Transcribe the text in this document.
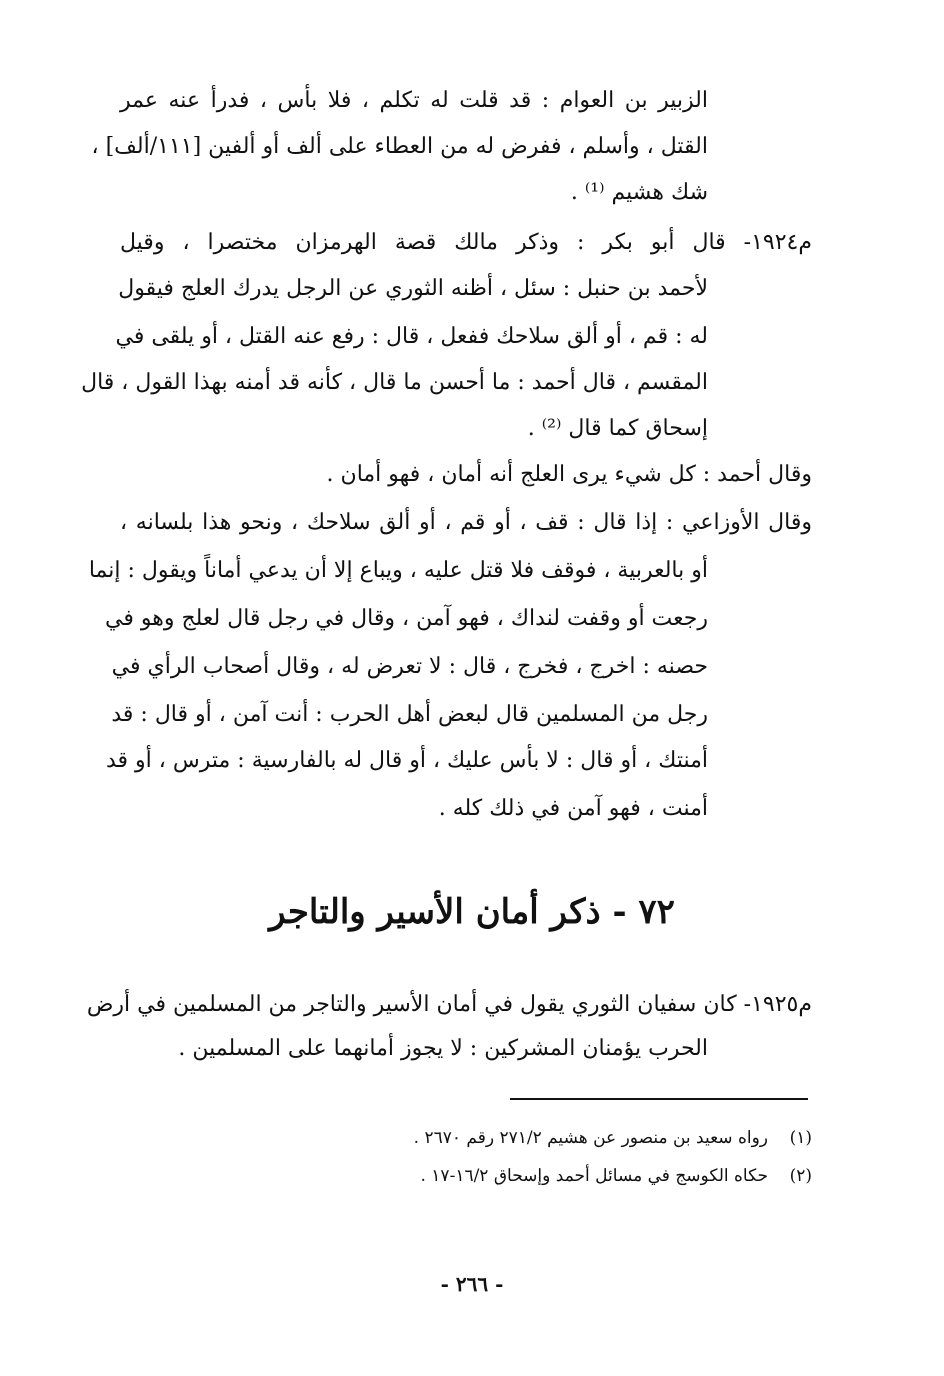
الزبير بن العوام : قد قلت له تكلم ، فلا بأس ، فدرأ عنه عمر
القتل ، وأسلم ، ففرض له من العطاء على ألف أو ألفين [١١١/ألف] ،
شك هشيم ⁽¹⁾ .
م١٩٢٤- قال أبو بكر : وذكر مالك قصة الهرمزان مختصرا ، وقيل
لأحمد بن حنبل : سئل ، أظنه الثوري عن الرجل يدرك العلج فيقول
له : قم ، أو ألق سلاحك ففعل ، قال : رفع عنه القتل ، أو يلقى في
المقسم ، قال أحمد : ما أحسن ما قال ، كأنه قد أمنه بهذا القول ، قال
إسحاق كما قال ⁽²⁾ .
وقال أحمد : كل شيء يرى العلج أنه أمان ، فهو أمان .
وقال الأوزاعي : إذا قال : قف ، أو قم ، أو ألق سلاحك ، ونحو هذا بلسانه ،
أو بالعربية ، فوقف فلا قتل عليه ، ويباع إلا أن يدعي أماناً ويقول : إنما
رجعت أو وقفت لنداك ، فهو آمن ، وقال في رجل قال لعلج وهو في
حصنه : اخرج ، فخرج ، قال : لا تعرض له ، وقال أصحاب الرأي في
رجل من المسلمين قال لبعض أهل الحرب : أنت آمن ، أو قال : قد
أمنتك ، أو قال : لا بأس عليك ، أو قال له بالفارسية : مترس ، أو قد
أمنت ، فهو آمن في ذلك كله .
٧٢ - ذكر أمان الأسير والتاجر
م١٩٢٥- كان سفيان الثوري يقول في أمان الأسير والتاجر من المسلمين في أرض
الحرب يؤمنان المشركين : لا يجوز أمانهما على المسلمين .
(١)رواه سعيد بن منصور عن هشيم ٢٧١/٢ رقم ٢٦٧٠ .
(٢)حكاه الكوسج في مسائل أحمد وإسحاق ١٦/٢-١٧ .
- ٢٦٦ -
